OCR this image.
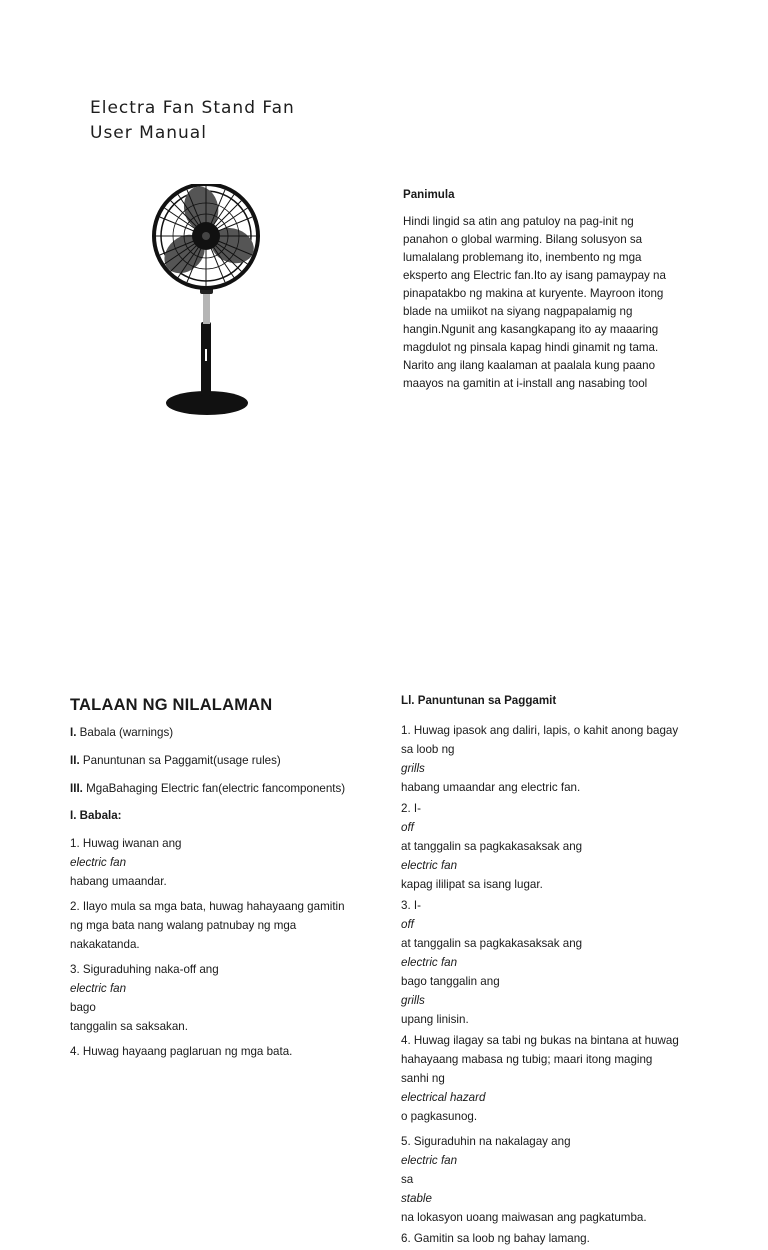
Electra Fan Stand Fan
User Manual
Panimula

Hindi lingid sa atin ang patuloy na pag-init ng
panahon o global warming. Bilang solusyon sa
lumalalang problemang ito, inembento ng mga
eksperto ang Electric fan.Ito ay isang pamaypay na
pinapatakbo ng makina at kuryente. Mayroon itong
blade na umiikot na siyang nagpapalamig ng
hangin.Ngunit ang kasangkapang ito ay maaaring
magdulot ng pinsala kapag hindi ginamit ng tama.
Narito ang ilang kaalaman at paalala kung paano
maayos na gamitin at i-install ang nasabing tool

TALAAN NG NILALAMAN
I. Babala (warnings)
II. Panuntunan sa Paggamit(usage rules)
III. MgaBahaging Electric fan(electric fancomponents)
I. Babala:
1. Huwag iwanan ang
electric fan
habang umaandar.
2. Ilayo mula sa mga bata, huwag hahayaang gamitin
ng mga bata nang walang patnubay ng mga
nakakatanda.
3. Siguraduhing naka-off ang
electric fan
bago
tanggalin sa saksakan.
4. Huwag hayaang paglaruan ng mga bata.
Ll. Panuntunan sa Paggamit
1. Huwag ipasok ang daliri, lapis, o kahit anong bagay
sa loob ng
grills
habang umaandar ang electric fan.
2. I-
off
at tanggalin sa pagkakasaksak ang
electric fan
kapag ililipat sa isang lugar.
3. I-
off
at tanggalin sa pagkakasaksak ang
electric fan
bago tanggalin ang
grills
upang linisin.
4. Huwag ilagay sa tabi ng bukas na bintana at huwag
hahayaang mabasa ng tubig; maari itong maging
sanhi ng
electrical hazard
o pagkasunog.
5. Siguraduhin na nakalagay ang
electric fan
sa
stable
na lokasyon uoang maiwasan ang pagkatumba.
6. Gamitin sa loob ng bahay lamang.
